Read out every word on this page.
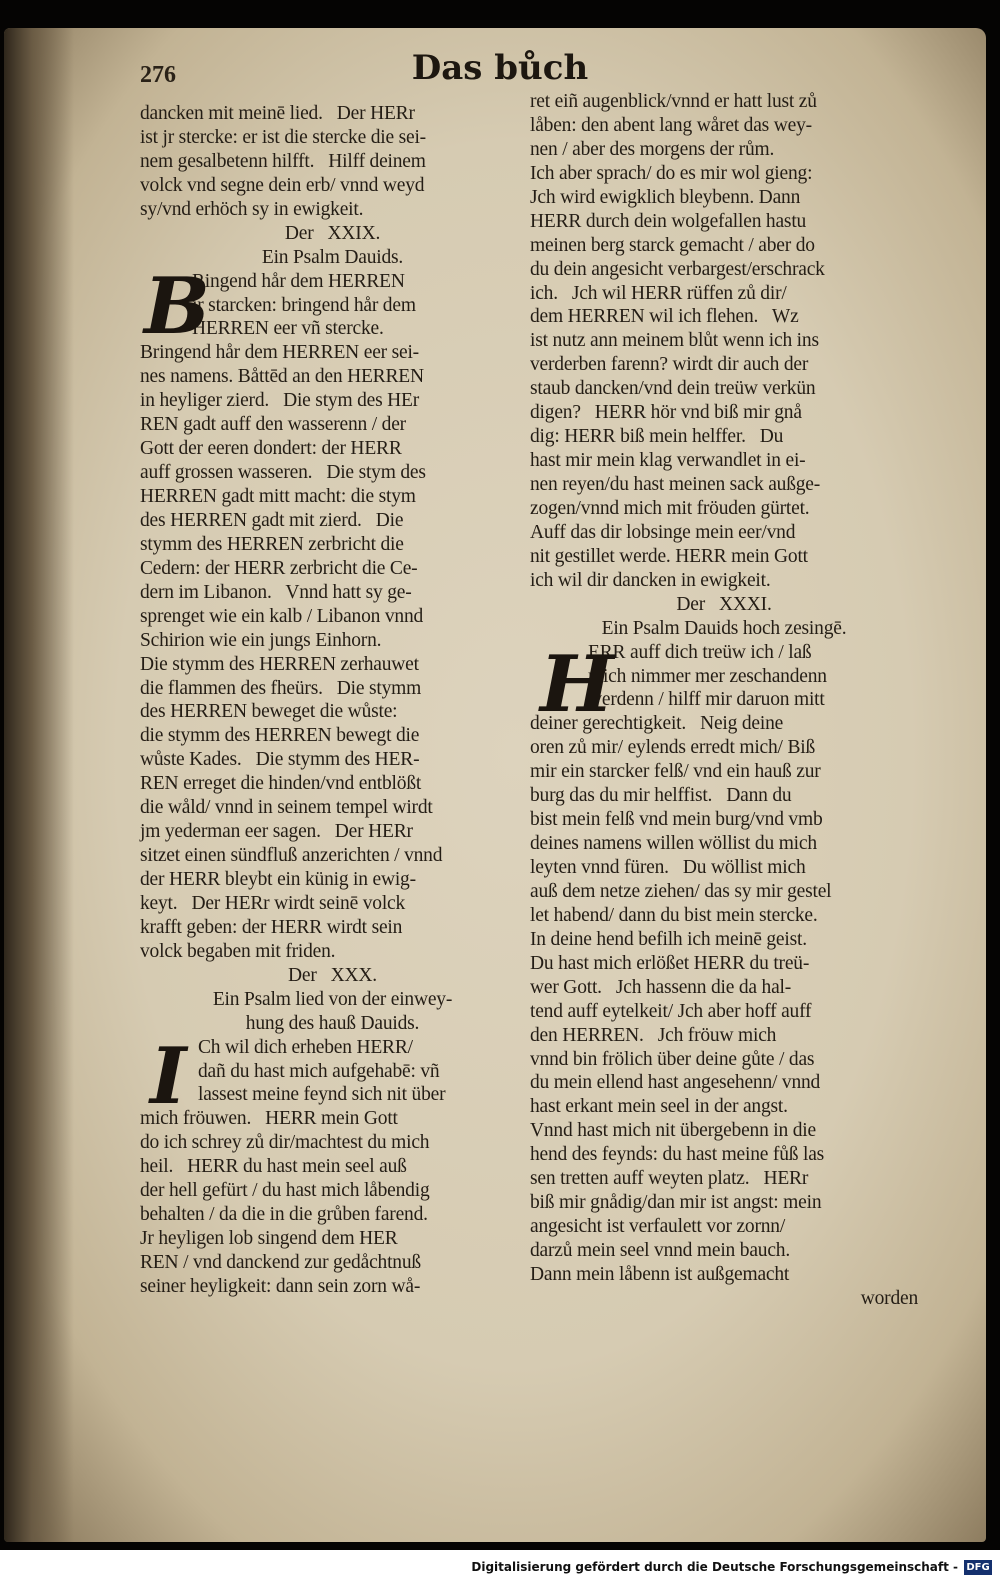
276	Das bůch
dancken mit meinē lied.   Der HERr
ist jr stercke: er ist die stercke die sei-
nem gesalbetenn hilfft.   Hilff deinem
volck vnd segne dein erb/ vnnd weyd
sy/vnd erhöch sy in ewigkeit.
Der   XXIX.
Ein Psalm Dauids.
Ringend hår dem HERREN
jr starcken: bringend hår dem
HERREN eer vñ stercke.
Bringend hår dem HERREN eer sei-
nes namens. Båttēd an den HERREN
in heyliger zierd.   Die stym des HEr
REN gadt auff den wasserenn / der
Gott der eeren dondert: der HERR
auff grossen wasseren.   Die stym des
HERREN gadt mitt macht: die stym
des HERREN gadt mit zierd.   Die
stymm des HERREN zerbricht die
Cedern: der HERR zerbricht die Ce-
dern im Libanon.   Vnnd hatt sy ge-
sprenget wie ein kalb / Libanon vnnd
Schirion wie ein jungs Einhorn.
Die stymm des HERREN zerhauwet
die flammen des fheürs.   Die stymm
des HERREN beweget die wůste:
die stymm des HERREN bewegt die
wůste Kades.   Die stymm des HER-
REN erreget die hinden/vnd entblößt
die wåld/ vnnd in seinem tempel wirdt
jm yederman eer sagen.   Der HERr
sitzet einen sündfluß anzerichten / vnnd
der HERR bleybt ein künig in ewig-
keyt.   Der HERr wirdt seinē volck
krafft geben: der HERR wirdt sein
volck begaben mit friden.
Der   XXX.
Ein Psalm lied von der einwey-
hung des hauß Dauids.
Ch wil dich erheben HERR/
dañ du hast mich aufgehabē: vñ
lassest meine feynd sich nit über
mich fröuwen.   HERR mein Gott
do ich schrey zů dir/machtest du mich
heil.   HERR du hast mein seel auß
der hell gefürt / du hast mich låbendig
behalten / da die in die grůben farend.
Jr heyligen lob singend dem HER
REN / vnd danckend zur gedåchtnuß
seiner heyligkeit: dann sein zorn wå-
ret eiñ augenblick/vnnd er hatt lust zů
låben: den abent lang wåret das wey-
nen / aber des morgens der rům.
Ich aber sprach/ do es mir wol gieng:
Jch wird ewigklich bleybenn. Dann
HERR durch dein wolgefallen hastu
meinen berg starck gemacht / aber do
du dein angesicht verbargest/erschrack
ich.   Jch wil HERR rüffen zů dir/
dem HERREN wil ich flehen.   Wz
ist nutz ann meinem blůt wenn ich ins
verderben farenn? wirdt dir auch der
staub dancken/vnd dein treüw verkün
digen?   HERR hör vnd biß mir gnå
dig: HERR biß mein helffer.   Du
hast mir mein klag verwandlet in ei-
nen reyen/du hast meinen sack außge-
zogen/vnnd mich mit fröuden gürtet.
Auff das dir lobsinge mein eer/vnd
nit gestillet werde. HERR mein Gott
ich wil dir dancken in ewigkeit.
Der   XXXI.
Ein Psalm Dauids hoch zesingē.
ERR auff dich treüw ich / laß
mich nimmer mer zeschandenn
werdenn / hilff mir daruon mitt
deiner gerechtigkeit.   Neig deine
oren zů mir/ eylends erredt mich/ Biß
mir ein starcker felß/ vnd ein hauß zur
burg das du mir helffist.   Dann du
bist mein felß vnd mein burg/vnd vmb
deines namens willen wöllist du mich
leyten vnnd füren.   Du wöllist mich
auß dem netze ziehen/ das sy mir gestel
let habend/ dann du bist mein stercke.
In deine hend befilh ich meinē geist.
Du hast mich erlößet HERR du treü-
wer Gott.   Jch hassenn die da hal-
tend auff eytelkeit/ Jch aber hoff auff
den HERREN.   Jch fröuw mich
vnnd bin frölich über deine gůte / das
du mein ellend hast angesehenn/ vnnd
hast erkant mein seel in der angst.
Vnnd hast mich nit übergebenn in die
hend des feynds: du hast meine fůß las
sen tretten auff weyten platz.   HERr
biß mir gnådig/dan mir ist angst: mein
angesicht ist verfaulett vor zornn/
darzů mein seel vnnd mein bauch.
Dann mein låbenn ist außgemacht
worden
B
I
H
Digitalisierung gefördert durch die Deutsche Forschungsgemeinschaft - DFG
